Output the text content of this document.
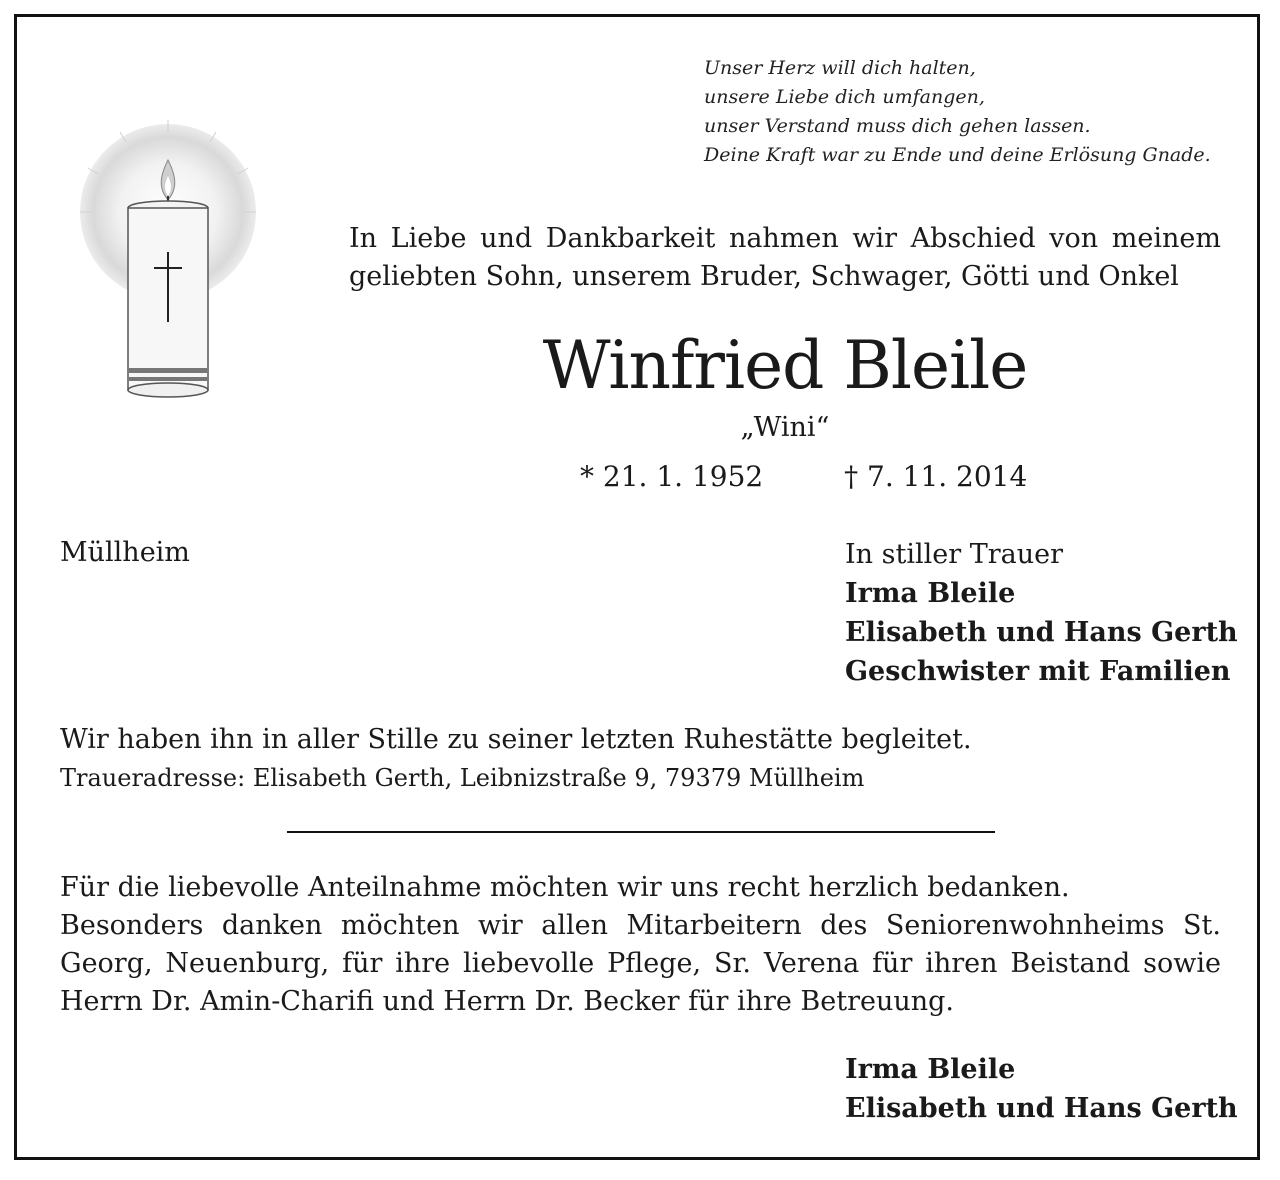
Unser Herz will dich halten,
unsere Liebe dich umfangen,
unser Verstand muss dich gehen lassen.
Deine Kraft war zu Ende und deine Erlösung Gnade.
In Liebe und Dankbarkeit nahmen wir Abschied von meinem geliebten Sohn, unserem Bruder, Schwager, Götti und Onkel
Winfried Bleile
„Wini“
* 21. 1. 1952	† 7. 11. 2014
Müllheim	In stiller Trauer
Irma Bleile
Elisabeth und Hans Gerth
Geschwister mit Familien
Wir haben ihn in aller Stille zu seiner letzten Ruhestätte begleitet.
Traueradresse: Elisabeth Gerth, Leibnizstraße 9, 79379 Müllheim
Für die liebevolle Anteilnahme möchten wir uns recht herzlich bedanken.
Besonders danken möchten wir allen Mitarbeitern des Seniorenwohnheims St. Georg, Neuenburg, für ihre liebevolle Pflege, Sr. Verena für ihren Beistand sowie Herrn Dr. Amin-Charifi und Herrn Dr. Becker für ihre Betreuung.
Irma Bleile
Elisabeth und Hans Gerth
